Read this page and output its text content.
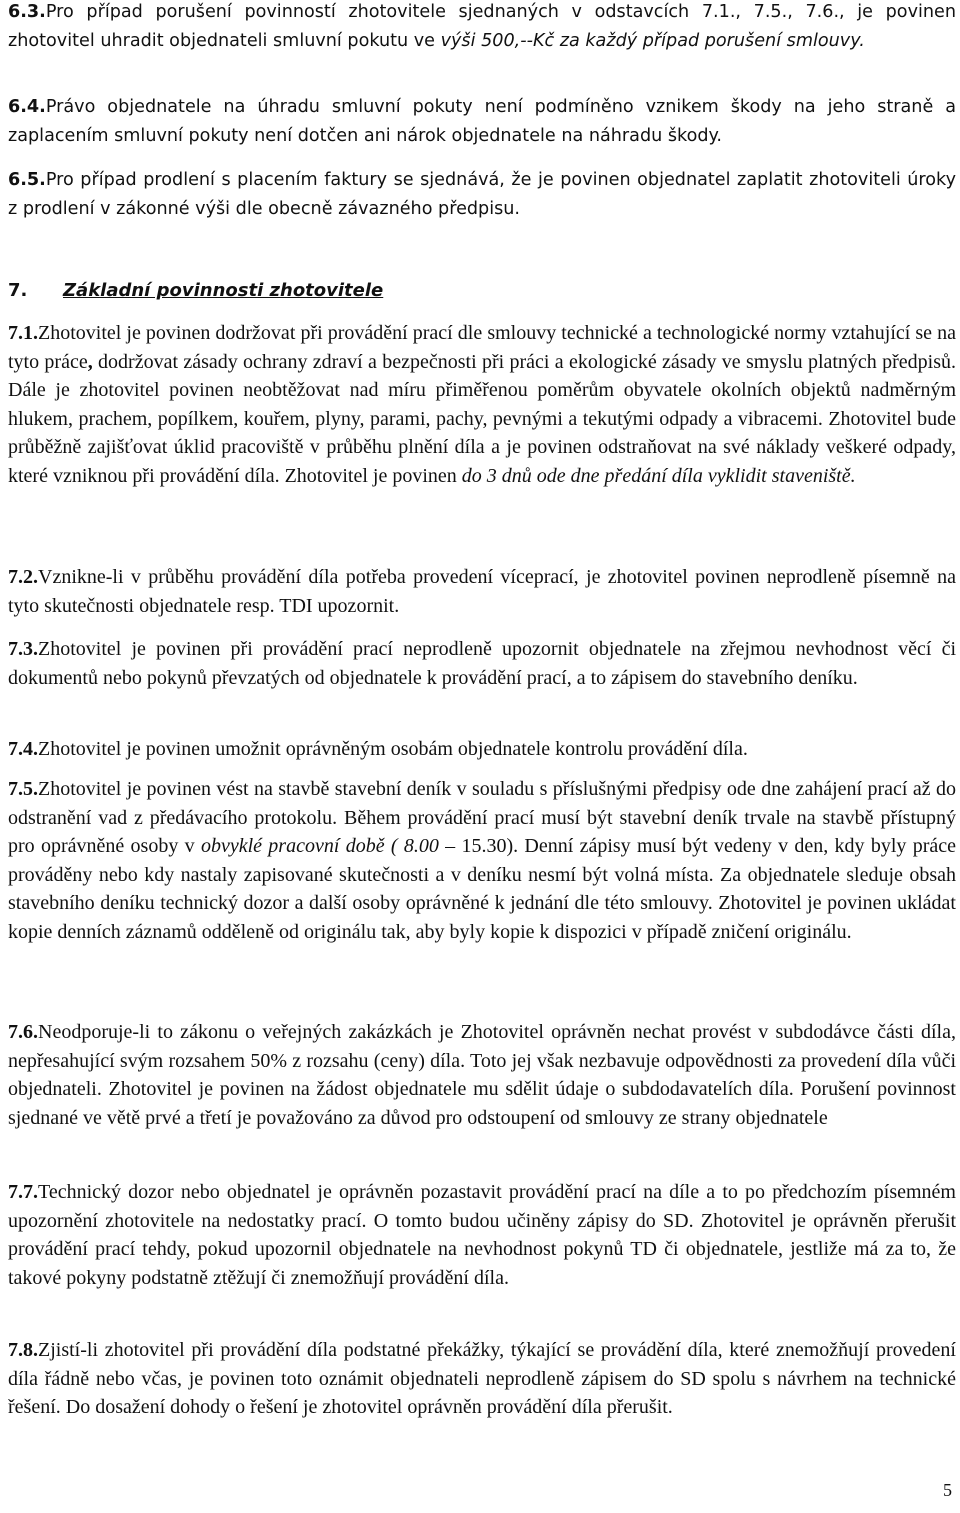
6.3.Pro případ porušení povinností zhotovitele sjednaných v odstavcích 7.1., 7.5., 7.6., je povinen zhotovitel uhradit objednateli smluvní pokutu ve výši 500,--Kč za každý případ porušení smlouvy.

6.4.Právo objednatele na úhradu smluvní pokuty není podmíněno vznikem škody na jeho straně a zaplacením smluvní pokuty není dotčen ani nárok objednatele na náhradu škody.

6.5.Pro případ prodlení s placením faktury se sjednává, že je povinen objednatel zaplatit zhotoviteli úroky z prodlení v zákonné výši dle obecně závazného předpisu.

7. Základní povinnosti zhotovitele

7.1.Zhotovitel je povinen dodržovat při provádění prací dle smlouvy technické a technologické normy vztahující se na tyto práce, dodržovat zásady ochrany zdraví a bezpečnosti při práci a ekologické zásady ve smyslu platných předpisů. Dále je zhotovitel povinen neobtěžovat nad míru přiměřenou poměrům obyvatele okolních objektů nadměrným hlukem, prachem, popílkem, kouřem, plyny, parami, pachy, pevnými a tekutými odpady a vibracemi. Zhotovitel bude průběžně zajišťovat úklid pracoviště v průběhu plnění díla a je povinen odstraňovat na své náklady veškeré odpady, které vzniknou při provádění díla. Zhotovitel je povinen do 3 dnů ode dne předání díla vyklidit staveniště.

7.2.Vznikne-li v průběhu provádění díla potřeba provedení víceprací, je zhotovitel povinen neprodleně písemně na tyto skutečnosti objednatele resp. TDI upozornit.

7.3.Zhotovitel je povinen při provádění prací neprodleně upozornit objednatele na zřejmou nevhodnost věcí či dokumentů nebo pokynů převzatých od objednatele k provádění prací, a to zápisem do stavebního deníku.

7.4.Zhotovitel je povinen umožnit oprávněným osobám objednatele kontrolu provádění díla.

7.5.Zhotovitel je povinen vést na stavbě stavební deník v souladu s příslušnými předpisy ode dne zahájení prací až do odstranění vad z předávacího protokolu. Během provádění prací musí být stavební deník trvale na stavbě přístupný pro oprávněné osoby v obvyklé pracovní době ( 8.00 – 15.30). Denní zápisy musí být vedeny v den, kdy byly práce prováděny nebo kdy nastaly zapisované skutečnosti a v deníku nesmí být volná místa. Za objednatele sleduje obsah stavebního deníku technický dozor a další osoby oprávněné k jednání dle této smlouvy. Zhotovitel je povinen ukládat kopie denních záznamů odděleně od originálu tak, aby byly kopie k dispozici v případě zničení originálu.

7.6.Neodporuje-li to zákonu o veřejných zakázkách je Zhotovitel oprávněn nechat provést v subdodávce části díla, nepřesahující svým rozsahem 50% z rozsahu (ceny) díla. Toto jej však nezbavuje odpovědnosti za provedení díla vůči objednateli. Zhotovitel je povinen na žádost objednatele mu sdělit údaje o subdodavatelích díla. Porušení povinnost sjednané ve větě prvé a třetí je považováno za důvod pro odstoupení od smlouvy ze strany objednatele

7.7.Technický dozor nebo objednatel je oprávněn pozastavit provádění prací na díle a to po předchozím písemném upozornění zhotovitele na nedostatky prací. O tomto budou učiněny zápisy do SD. Zhotovitel je oprávněn přerušit provádění prací tehdy, pokud upozornil objednatele na nevhodnost pokynů TD či objednatele, jestliže má za to, že takové pokyny podstatně ztěžují či znemožňují provádění díla.

7.8.Zjistí-li zhotovitel při provádění díla podstatné překážky, týkající se provádění díla, které znemožňují provedení díla řádně nebo včas, je povinen toto oznámit objednateli neprodleně zápisem do SD spolu s návrhem na technické řešení. Do dosažení dohody o řešení je zhotovitel oprávněn provádění díla přerušit.

5
